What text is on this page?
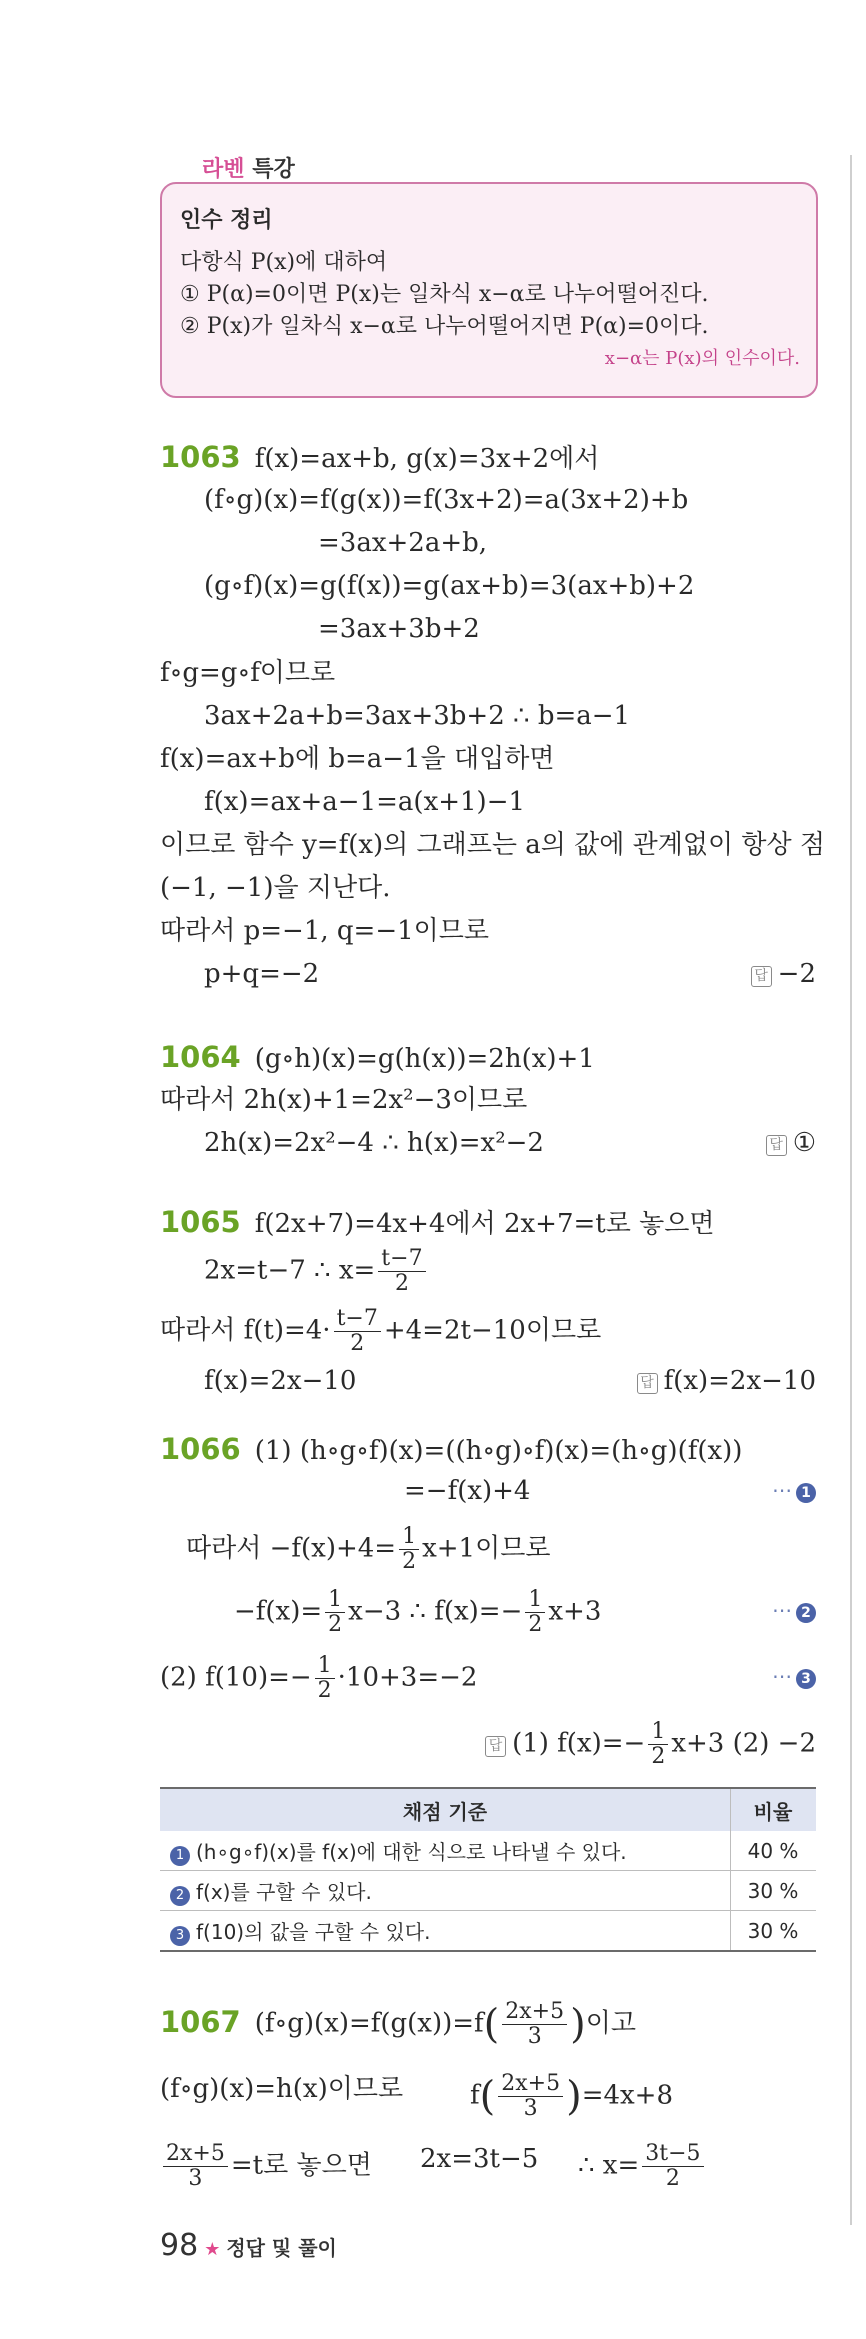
라벤 특강
인수 정리
다항식 P(x)에 대하여
① P(α)=0이면 P(x)는 일차식 x−α로 나누어떨어진다.
② P(x)가 일차식 x−α로 나누어떨어지면 P(α)=0이다.
x−α는 P(x)의 인수이다.
1063 f(x)=ax+b, g(x)=3x+2에서
(f∘g)(x)=f(g(x))=f(3x+2)=a(3x+2)+b
=3ax+2a+b,
(g∘f)(x)=g(f(x))=g(ax+b)=3(ax+b)+2
=3ax+3b+2
f∘g=g∘f이므로
3ax+2a+b=3ax+3b+2 ∴ b=a−1
f(x)=ax+b에 b=a−1을 대입하면
f(x)=ax+a−1=a(x+1)−1
이므로 함수 y=f(x)의 그래프는 a의 값에 관계없이 항상 점
(−1, −1)을 지난다.
따라서 p=−1, q=−1이므로
p+q=−2	답 −2
1064 (g∘h)(x)=g(h(x))=2h(x)+1
따라서 2h(x)+1=2x²−3이므로
2h(x)=2x²−4 ∴ h(x)=x²−2	답 ①
1065 f(2x+7)=4x+4에서 2x+7=t로 놓으면
2x=t−7 ∴ $x= \frac{t-7}{2}$
따라서 $f(t)=4\cdot \frac{t-7}{2} +4=2t-10$이므로
f(x)=2x−10	답 f(x)=2x−10
1066 (1) (h∘g∘f)(x)=((h∘g)∘f)(x)=(h∘g)(f(x))
=−f(x)+4	⋯ 1
따라서 $-f(x)+4= \frac{1}{2} x+1$이므로
$-f(x)= \frac{1}{2} x-3$ ∴ $f(x)=- \frac{1}{2} x+3$	⋯ 2
(2) $f(10)=- \frac{1}{2} \cdot 10+3=-2$	⋯ 3
답 (1) $f(x)=- \frac{1}{2} x+3$ (2) −2
채점 기준	비율
1 (h∘g∘f)(x)를 f(x)에 대한 식으로 나타낼 수 있다.	40 %
2 f(x)를 구할 수 있다.	30 %
3 f(10)의 값을 구할 수 있다.	30 %
1067 (f∘g)(x)=f(g(x))=f( $\frac{2x+5}{3}$ )이고
(f∘g)(x)=h(x)이므로	$f( \frac{2x+5}{3} )=4x+8$
$\frac{2x+5}{3} =t$로 놓으면 2x=3t−5 ∴ $x= \frac{3t-5}{2}$
98 ★ 정답 및 풀이
